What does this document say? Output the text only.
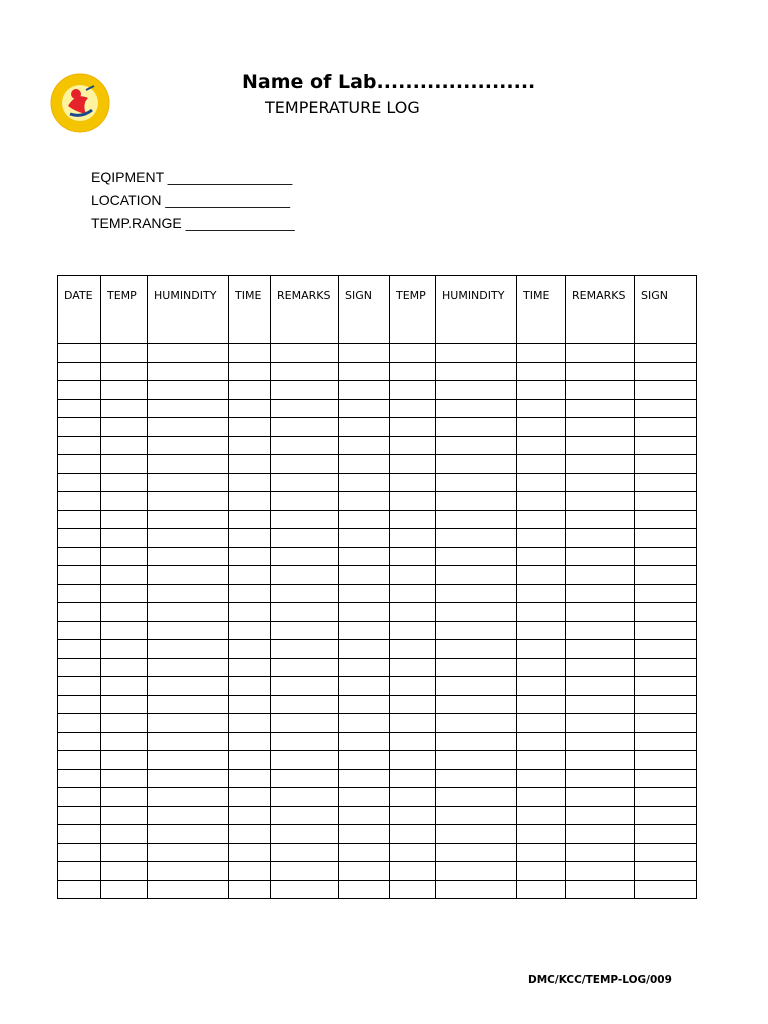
Name of Lab......................
TEMPERATURE LOG
EQIPMENT ________________
LOCATION ________________
TEMP.RANGE ______________
DATE	TEMP	HUMINDITY	TIME	REMARKS	SIGN	TEMP	HUMINDITY	TIME	REMARKS	SIGN

DMC/KCC/TEMP-LOG/009
